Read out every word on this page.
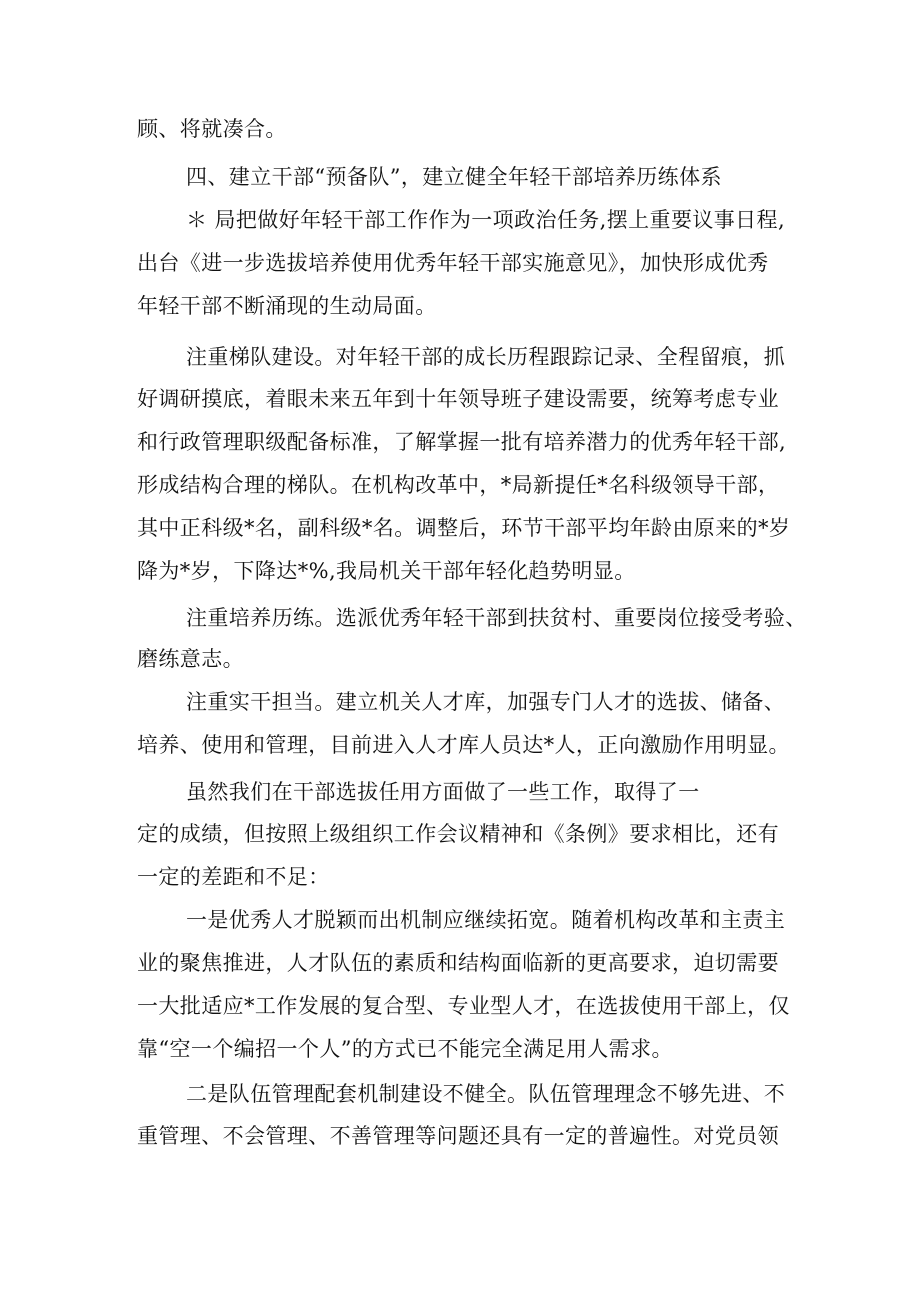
顾、将就凑合。
四、建立干部“预备队”，建立健全年轻干部培养历练体系
＊ 局把做好年轻干部工作作为一项政治任务,摆上重要议事日程,
出台《进一步选拔培养使用优秀年轻干部实施意见》，加快形成优秀
年轻干部不断涌现的生动局面。
注重梯队建设。对年轻干部的成长历程跟踪记录、全程留痕，抓
好调研摸底，着眼未来五年到十年领导班子建设需要，统筹考虑专业
和行政管理职级配备标准，了解掌握一批有培养潜力的优秀年轻干部,
形成结构合理的梯队。在机构改革中，*局新提任*名科级领导干部，
其中正科级*名，副科级*名。调整后，环节干部平均年龄由原来的*岁
降为*岁，下降达*%,我局机关干部年轻化趋势明显。
注重培养历练。选派优秀年轻干部到扶贫村、重要岗位接受考验、
磨练意志。
注重实干担当。建立机关人才库，加强专门人才的选拔、储备、
培养、使用和管理，目前进入人才库人员达*人，正向激励作用明显。
虽然我们在干部选拔任用方面做了一些工作，取得了一
定的成绩，但按照上级组织工作会议精神和《条例》要求相比，还有
一定的差距和不足：
一是优秀人才脱颖而出机制应继续拓宽。随着机构改革和主责主
业的聚焦推进，人才队伍的素质和结构面临新的更高要求，迫切需要
一大批适应*工作发展的复合型、专业型人才，在选拔使用干部上，仅
靠“空一个编招一个人”的方式已不能完全满足用人需求。
二是队伍管理配套机制建设不健全。队伍管理理念不够先进、不
重管理、不会管理、不善管理等问题还具有一定的普遍性。对党员领
